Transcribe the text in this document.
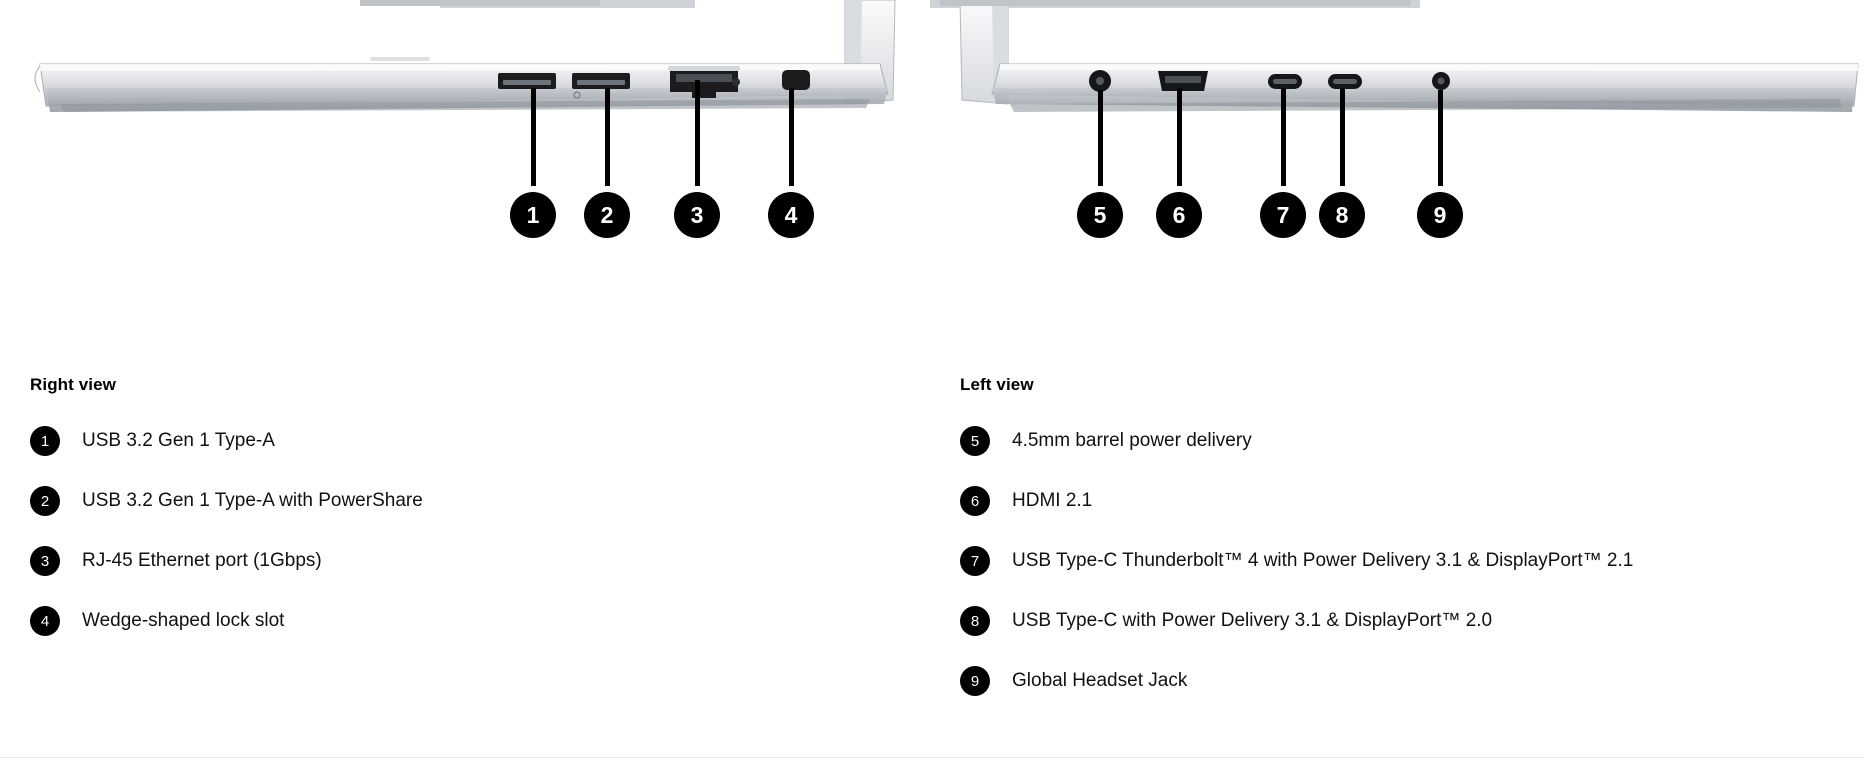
1	2	3	4	5	6	7	8	9
Right view
1	USB 3.2 Gen 1 Type-A
2	USB 3.2 Gen 1 Type-A with PowerShare
3	RJ-45 Ethernet port (1Gbps)
4	Wedge-shaped lock slot
Left view
5	4.5mm barrel power delivery
6	HDMI 2.1
7	USB Type-C Thunderbolt™ 4 with Power Delivery 3.1 & DisplayPort™ 2.1
8	USB Type-C with Power Delivery 3.1 & DisplayPort™ 2.0
9	Global Headset Jack
